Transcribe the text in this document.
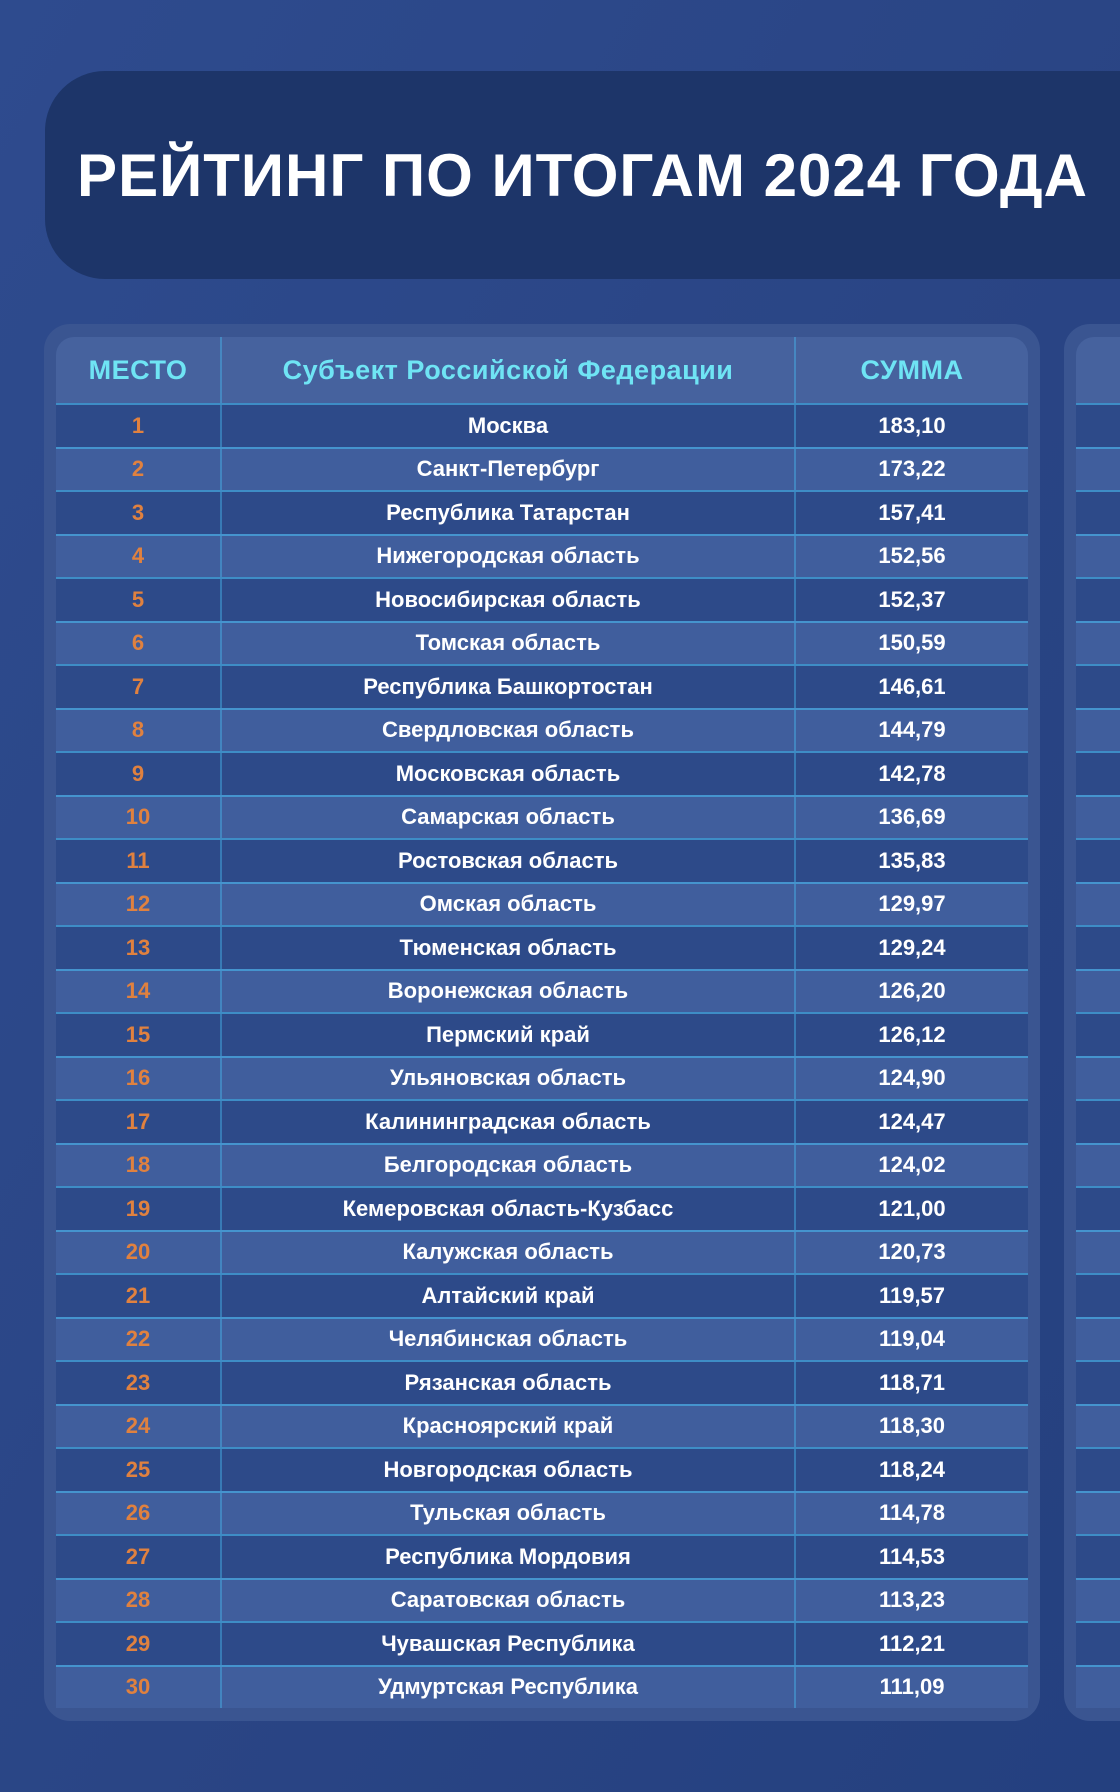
РЕЙТИНГ ПО ИТОГАМ 2024 ГОДА
МЕСТО	Субъект Российской Федерации	СУММА
1	Москва	183,10
2	Санкт-Петербург	173,22
3	Республика Татарстан	157,41
4	Нижегородская область	152,56
5	Новосибирская область	152,37
6	Томская область	150,59
7	Республика Башкортостан	146,61
8	Свердловская область	144,79
9	Московская область	142,78
10	Самарская область	136,69
11	Ростовская область	135,83
12	Омская область	129,97
13	Тюменская область	129,24
14	Воронежская область	126,20
15	Пермский край	126,12
16	Ульяновская область	124,90
17	Калининградская область	124,47
18	Белгородская область	124,02
19	Кемеровская область-Кузбасс	121,00
20	Калужская область	120,73
21	Алтайский край	119,57
22	Челябинская область	119,04
23	Рязанская область	118,71
24	Красноярский край	118,30
25	Новгородская область	118,24
26	Тульская область	114,78
27	Республика Мордовия	114,53
28	Саратовская область	113,23
29	Чувашская Республика	112,21
30	Удмуртская Республика	111,09
